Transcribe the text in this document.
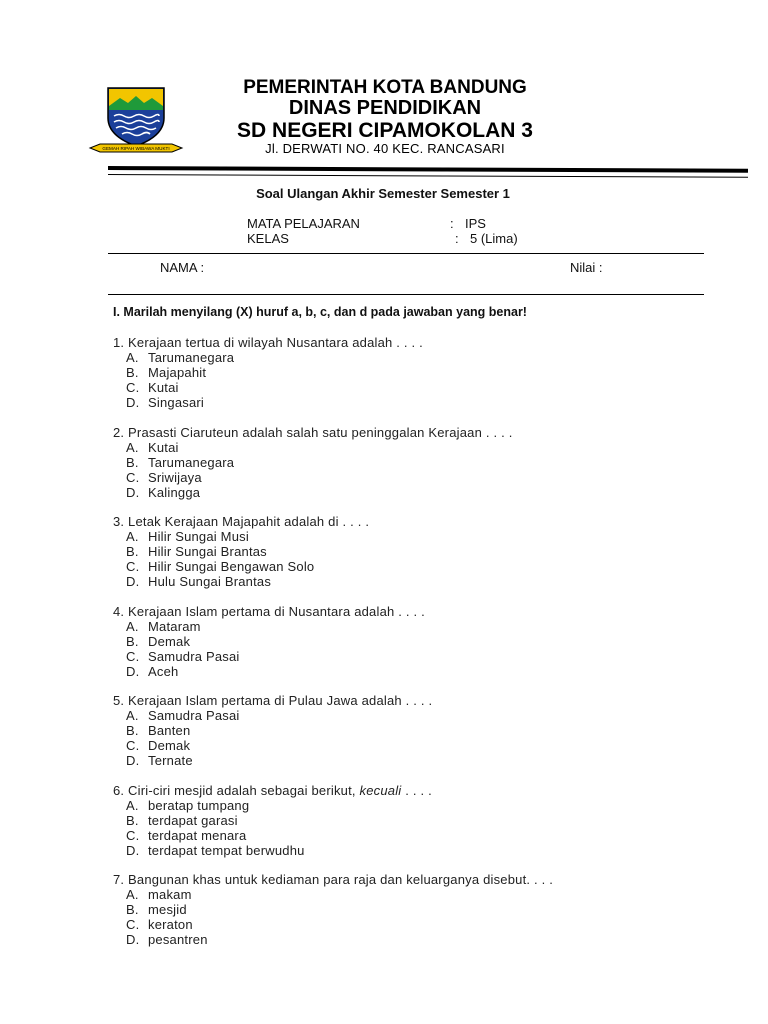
GEMAH RIPAH WIBAWA MUKTI
PEMERINTAH KOTA BANDUNG
DINAS PENDIDIKAN
SD NEGERI CIPAMOKOLAN 3
Jl. DERWATI NO. 40 KEC. RANCASARI
Soal Ulangan Akhir Semester Semester 1
MATA PELAJARAN	: IPS
KELAS	: 5 (Lima)
NAMA :	Nilai :
I. Marilah menyilang (X) huruf a, b, c, dan d pada jawaban yang benar!
1. Kerajaan tertua di wilayah Nusantara adalah . . . .
A. Tarumanegara
B. Majapahit
C. Kutai
D. Singasari
2. Prasasti Ciaruteun adalah salah satu peninggalan Kerajaan . . . .
A. Kutai
B. Tarumanegara
C. Sriwijaya
D. Kalingga
3. Letak Kerajaan Majapahit adalah di . . . .
A. Hilir Sungai Musi
B. Hilir Sungai Brantas
C. Hilir Sungai Bengawan Solo
D. Hulu Sungai Brantas
4. Kerajaan Islam pertama di Nusantara adalah . . . .
A. Mataram
B. Demak
C. Samudra Pasai
D. Aceh
5. Kerajaan Islam pertama di Pulau Jawa adalah . . . .
A. Samudra Pasai
B. Banten
C. Demak
D. Ternate
6. Ciri-ciri mesjid adalah sebagai berikut, kecuali . . . .
A. beratap tumpang
B. terdapat garasi
C. terdapat menara
D. terdapat tempat berwudhu
7. Bangunan khas untuk kediaman para raja dan keluarganya disebut. . . .
A. makam
B. mesjid
C. keraton
D. pesantren
